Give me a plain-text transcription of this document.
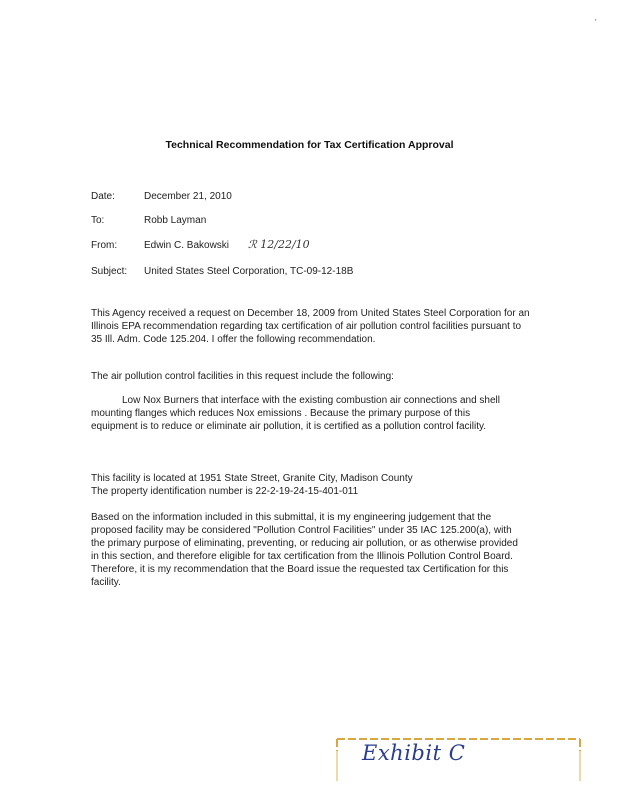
'
Technical Recommendation for Tax Certification Approval
Date:	December 21, 2010
To:	Robb Layman
From:	Edwin C. Bakowski ℛ 12/22/10
Subject: United States Steel Corporation, TC-09-12-18B

This Agency received a request on December 18, 2009 from United States Steel Corporation for an Illinois EPA recommendation regarding tax certification of air pollution control facilities pursuant to 35 Ill. Adm. Code 125.204. I offer the following recommendation.

The air pollution control facilities in this request include the following:

Low Nox Burners that interface with the existing combustion air connections and shell mounting flanges which reduces Nox emissions . Because the primary purpose of this equipment is to reduce or eliminate air pollution, it is certified as a pollution control facility.

This facility is located at 1951 State Street, Granite City, Madison County

The property identification number is 22-2-19-24-15-401-011

Based on the information included in this submittal, it is my engineering judgement that the proposed facility may be considered "Pollution Control Facilities" under 35 IAC 125.200(a), with the primary purpose of eliminating, preventing, or reducing air pollution, or as otherwise provided in this section, and therefore eligible for tax certification from the Illinois Pollution Control Board. Therefore, it is my recommendation that the Board issue the requested tax Certification for this facility.

Exhibit C
